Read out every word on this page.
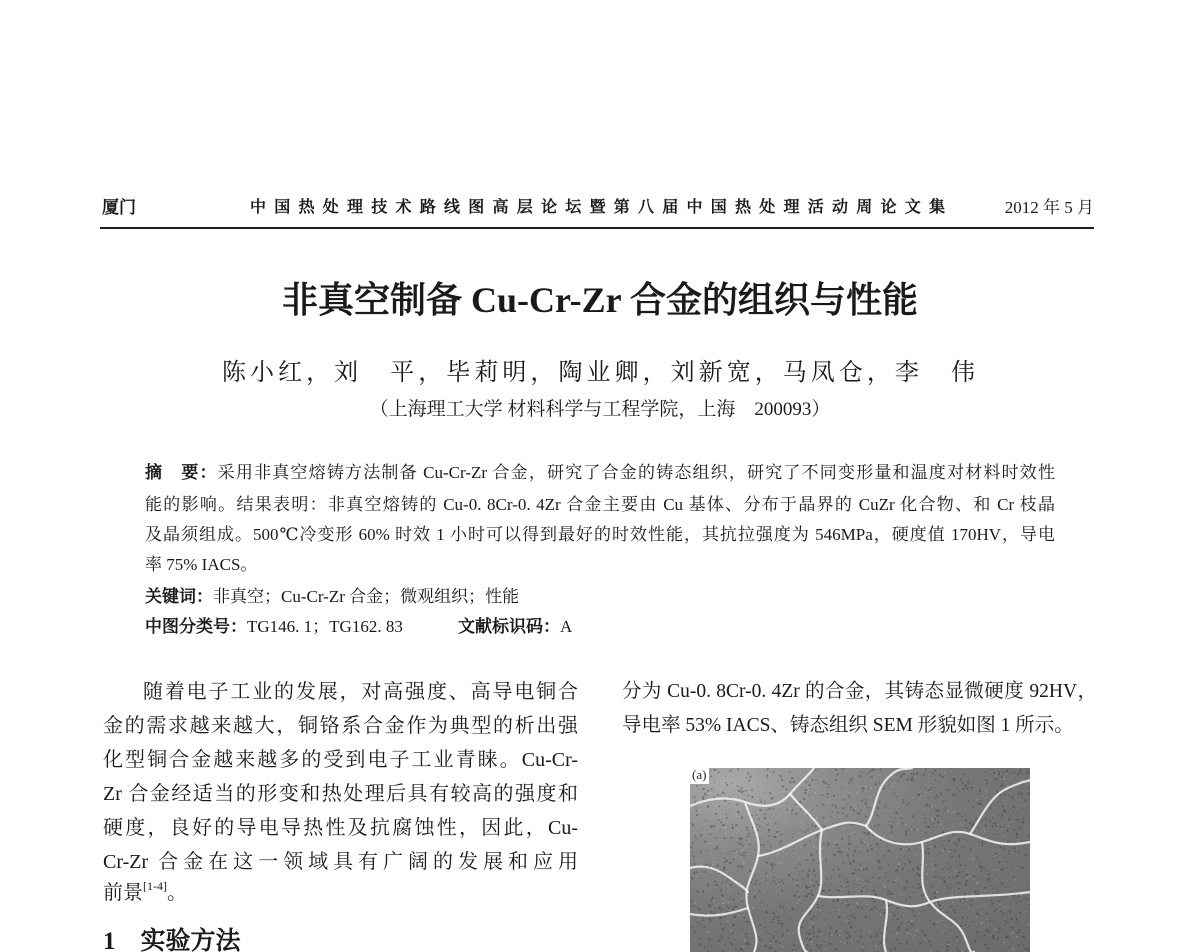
厦门	中国热处理技术路线图高层论坛暨第八届中国热处理活动周论文集	2012 年 5 月
非真空制备 Cu-Cr-Zr 合金的组织与性能
陈小红，刘　平，毕莉明，陶业卿，刘新宽，马凤仓，李　伟
（上海理工大学 材料科学与工程学院，上海　200093）
摘　要：采用非真空熔铸方法制备 Cu-Cr-Zr 合金，研究了合金的铸态组织，研究了不同变形量和温度对材料时效性
能的影响。结果表明：非真空熔铸的 Cu-0. 8Cr-0. 4Zr 合金主要由 Cu 基体、分布于晶界的 CuZr 化合物、和 Cr 枝晶
及晶须组成。500℃冷变形 60% 时效 1 小时可以得到最好的时效性能，其抗拉强度为 546MPa，硬度值 170HV，导电
率 75% IACS。
关键词：非真空；Cu-Cr-Zr 合金；微观组织；性能
中图分类号：TG146. 1；TG162. 83	文献标识码：A
随着电子工业的发展，对高强度、高导电铜合
金的需求越来越大，铜铬系合金作为典型的析出强
化型铜合金越来越多的受到电子工业青睐。Cu-Cr-
Zr 合金经适当的形变和热处理后具有较高的强度和
硬度，良好的导电导热性及抗腐蚀性，因此，Cu-
Cr-Zr 合金在这一领域具有广阔的发展和应用
前景[1-4]。
1　实验方法
分为 Cu-0. 8Cr-0. 4Zr 的合金，其铸态显微硬度 92HV，
导电率 53% IACS、铸态组织 SEM 形貌如图 1 所示。
(a)
